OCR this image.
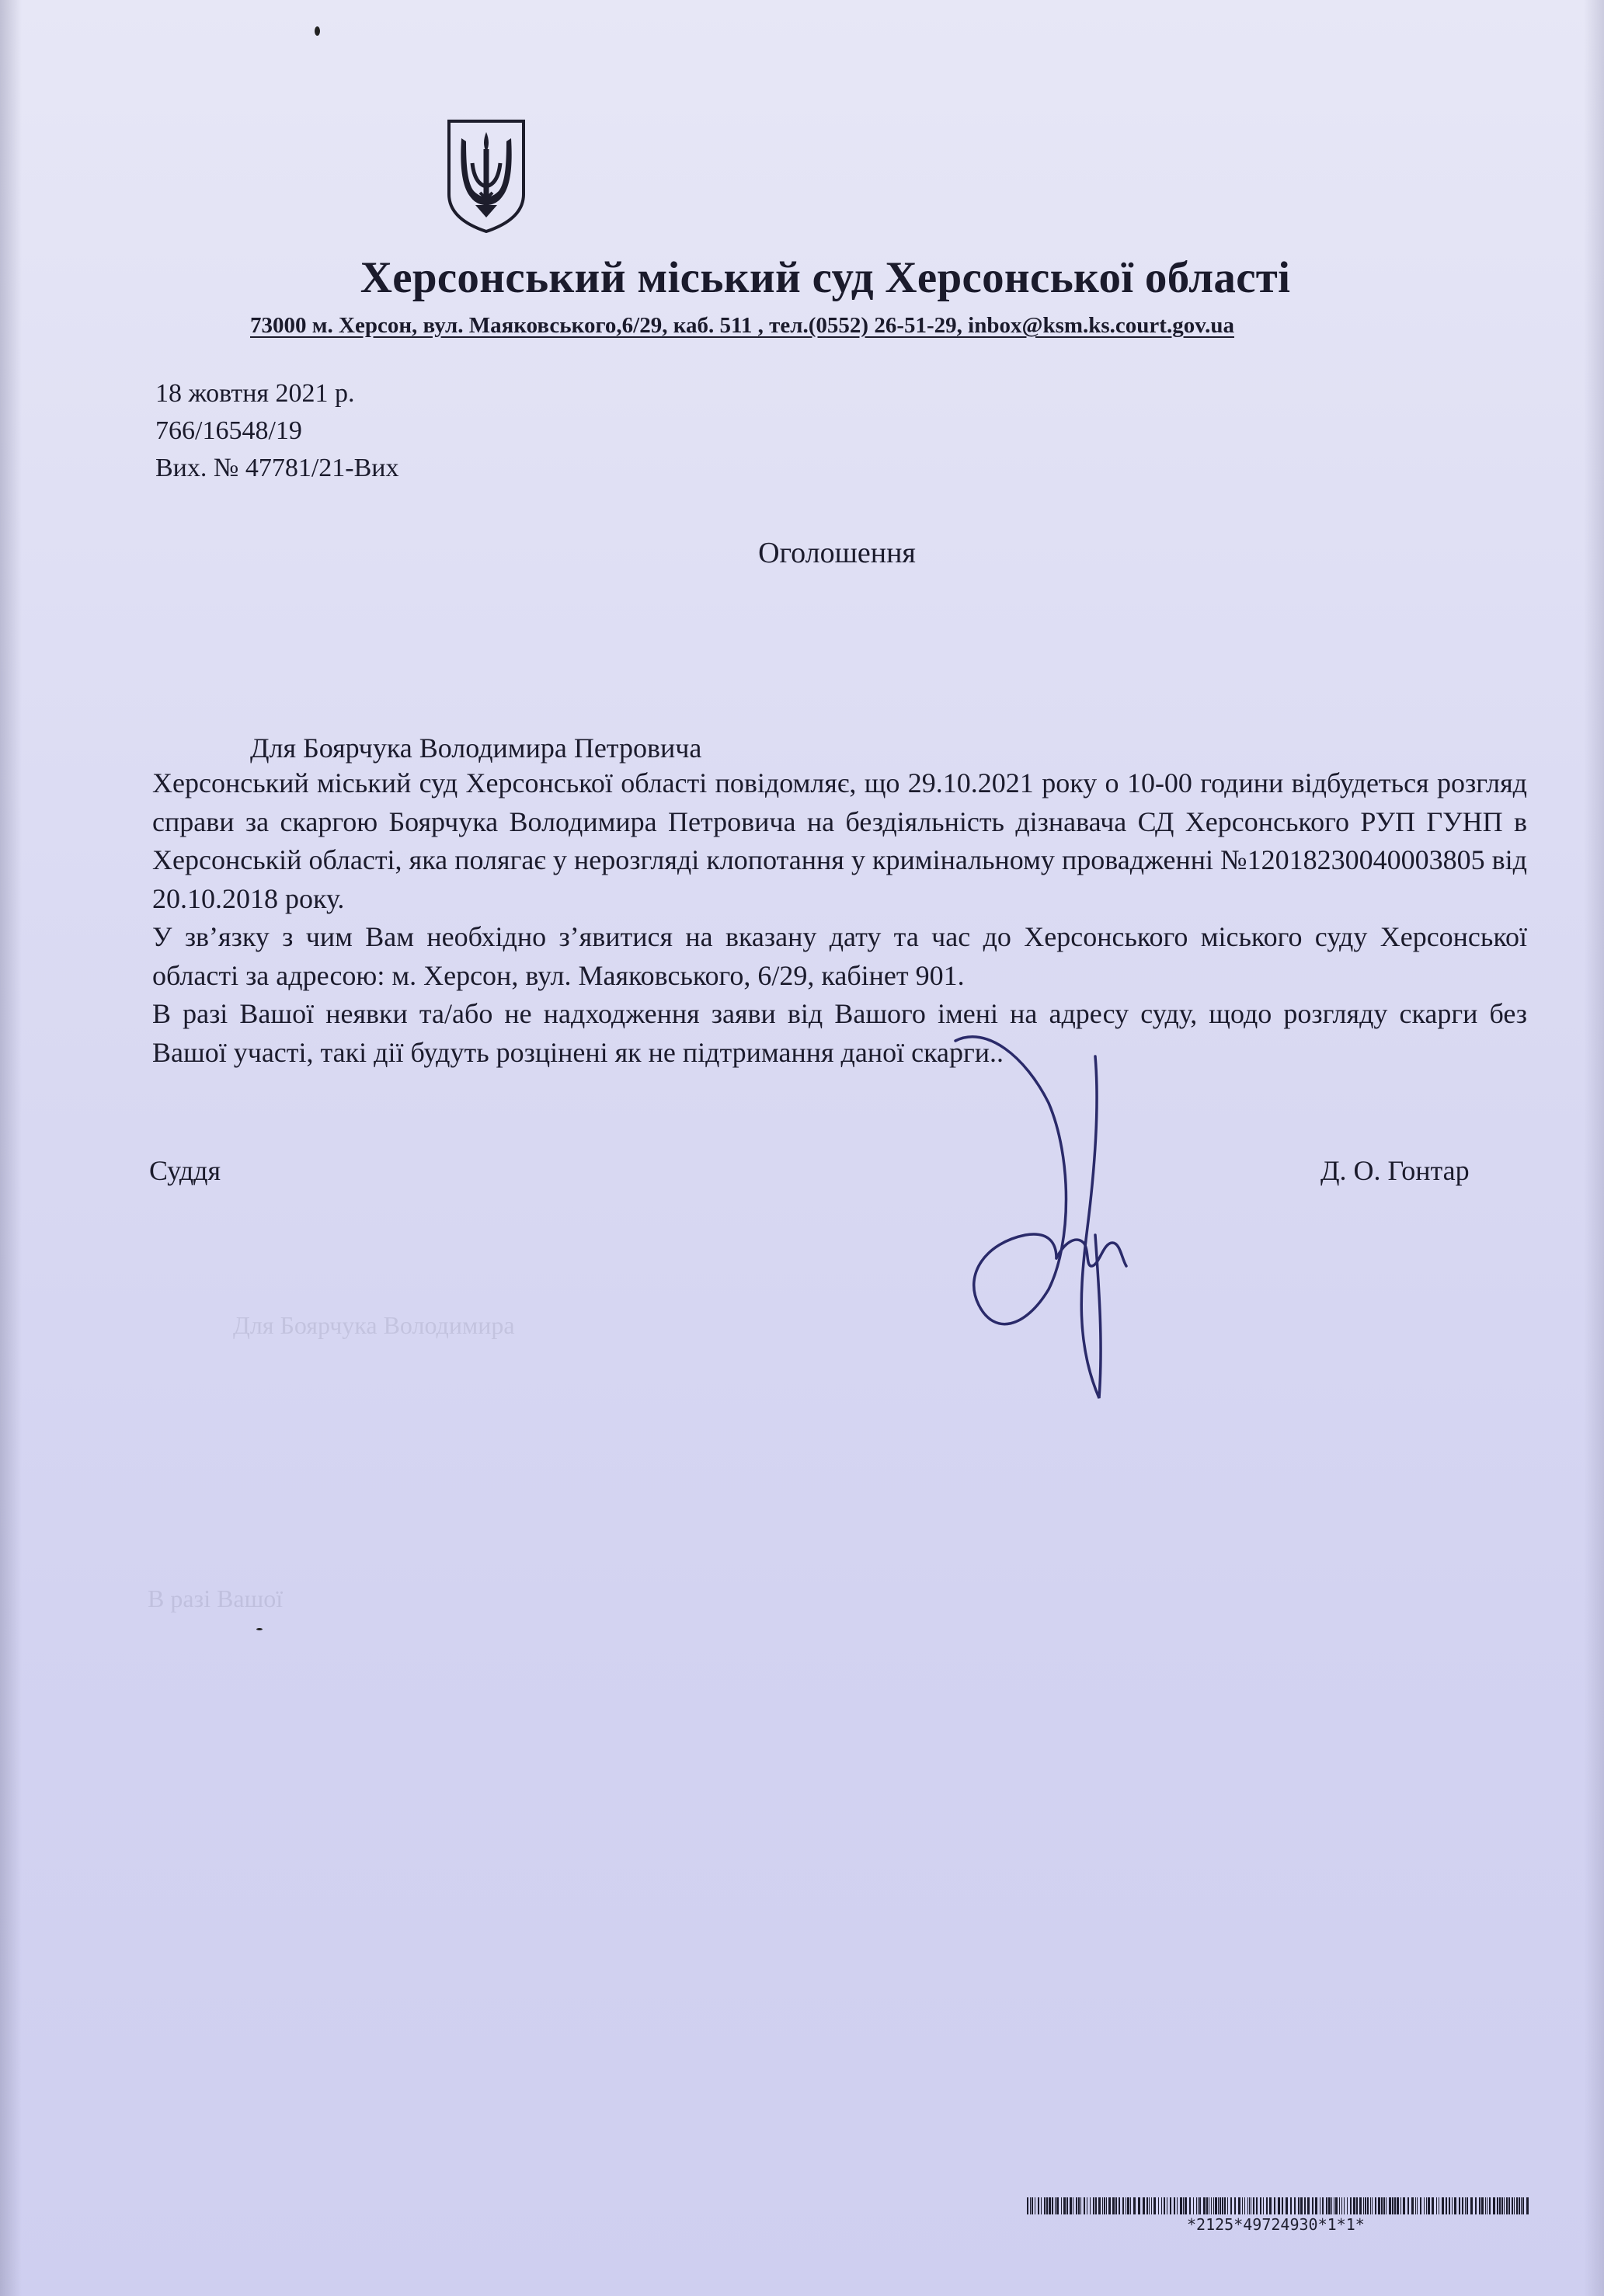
Херсонський міський суд Херсонської області
73000 м. Херсон, вул. Маяковського,6/29, каб. 511 , тел.(0552) 26-51-29, inbox@ksm.ks.court.gov.ua
18 жовтня 2021 р.
766/16548/19
Вих. № 47781/21-Вих
Оголошення
Для Боярчука Володимира Петровича

Херсонський міський суд Херсонської області повідомляє, що 29.10.2021 року о 10-00 години відбудеться розгляд справи за скаргою Боярчука Володимира Петровича на бездіяльність дізнавача СД Херсонського РУП ГУНП в Херсонській області, яка полягає у нерозгляді клопотання у кримінальному провадженні №12018230040003805 від 20.10.2018 року.

У зв’язку з чим Вам необхідно з’явитися на вказану дату та час до Херсонського міського суду Херсонської області за адресою: м. Херсон, вул. Маяковського, 6/29, кабінет 901.

В разі Вашої неявки та/або не надходження заяви від Вашого імені на адресу суду, щодо розгляду скарги без Вашої участі, такі дії будуть розцінені як не підтримання даної скарги..

Суддя	Д. О. Гонтар
Для Боярчука Володимира
В разі Вашої
*2125*49724930*1*1*
